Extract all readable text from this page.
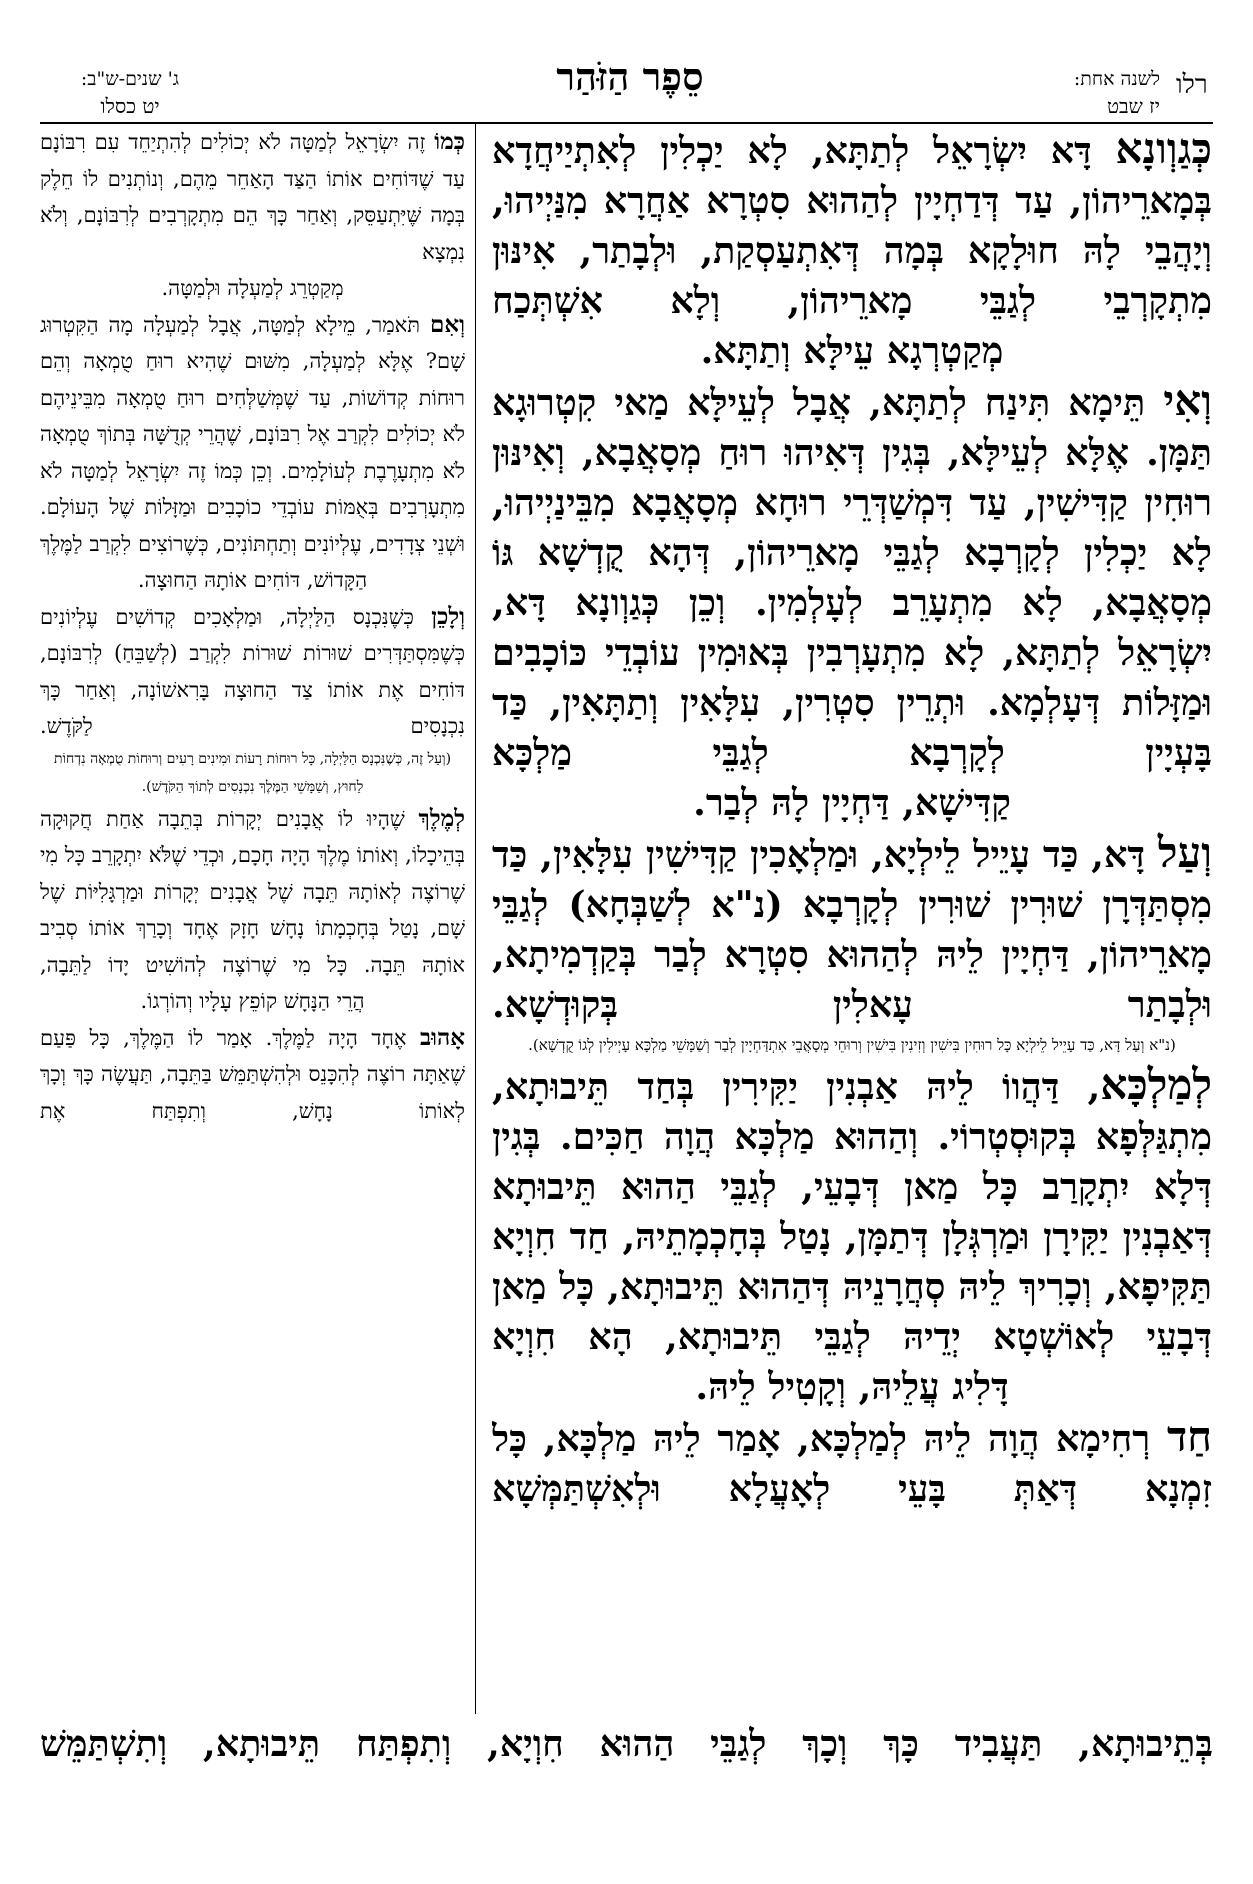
רלו
לשנה אחת:
יז שבט
סֵפֶר הַזֹּהַר
ג' שנים-ש"ב:
יט כסלו

כְּגַוְונָא דָּא יִשְׂרָאֵל לְתַתָּא, לָא יַכְלִין לְאִתְיַיחֲדָא בְּמָארֵיהוֹן, עַד דְּדַחְיָין לְהַהוּא סִטְרָא אַחֲרָא מִנַּיְיהוּ, וְיָהֲבֵי לָהּ חוּלָקָא בְּמָה דְּאִתְעַסְקַת, וּלְבָתַר, אִינּוּן מִתְקָרְבֵי לְגַבֵּי מָארֵיהוֹן, וְלָא אִשְׁתְּכַח

מְקַטְרְגָא עֵילָּא וְתַתָּא.

וְאִי תֵּימָא תִּינַח לְתַתָּא, אֲבָל לְעֵילָּא מַאי קִטְרוּגָא תַּמָּן. אֶלָּא לְעֵילָּא, בְּגִין דְּאִיהוּ רוּחַ מְסָאֲבָא, וְאִינּוּן רוּחִין קַדִּישִׁין, עַד דִּמְשַׁדְּרֵי רוּחָא מְסָאֲבָא מִבֵּינַיְיהוּ, לָא יַכְלִין לְקָרְבָא לְגַבֵּי מָארֵיהוֹן, דְּהָא קֻדְשָׁא גּוֹ מְסָאֲבָא, לָא מִתְעָרֵב לְעָלְמִין. וְכֵן כְּגַוְונָא דָּא, יִשְׂרָאֵל לְתַתָּא, לָא מִתְעָרְבִין בְּאוּמִין עוֹבְדֵי כּוֹכָבִים וּמַזָּלוֹת דְּעָלְמָא. וּתְרֵין סִטְרִין, עִלָּאִין וְתַתָּאִין, כַּד בָּעְיָין לְקָרְבָא לְגַבֵּי מַלְכָּא

קַדִּישָׁא, דַּחְיָין לָהּ לְבַר.

וְעַל דָּא, כַּד עָיֵיל לֵילְיָא, וּמַלְאָכִין קַדִּישִׁין עִלָּאִין, כַּד מִסְתַּדְּרָן שׁוּרִין שׁוּרִין לְקָרְבָא (נ"א לְשַׁבְּחָא) לְגַבֵּי מָארֵיהוֹן, דַּחְיָין לֵיהּ לְהַהוּא סִטְרָא לְבַר בְּקַדְמִיתָא, וּלְבָתַר עָאלִין בְּקוּדְשָׁא.

(נ"א וְעַל דָּא, כַּד עָיֵיל לֵילְיָא כָּל רוּחִין בִּישִׁין וְזִינִין בִּישִׁין וְרוּחֵי מְסָאֲבֵי אִתְדַּחְיָין לְבַר וְשַׁמָּשֵׁי מַלְכָּא עָיְילִין לְגוֹ קֻדְשָׁא).

לְמַלְכָּא, דַּהֲווֹ לֵיהּ אַבְנִין יַקִּירִין בְּחַד תֵּיבוּתָא, מִתְגַּלְּפָא בְּקוּסְטְרוֹי. וְהַהוּא מַלְכָּא הֲוָה חַכִּים. בְּגִין דְּלָא יִתְקָרַב כָּל מַאן דְּבָעֵי, לְגַבֵּי הַהוּא תֵּיבוּתָא דְּאַבְנִין יַקִּירָן וּמַרְגְּלָן דְּתַמָּן, נָטַל בְּחָכְמָתֵיהּ, חַד חִוְיָא תַּקִּיפָא, וְכָרִיךְ לֵיהּ סְחֲרָנֵיהּ דְּהַהוּא תֵּיבוּתָא, כָּל מַאן דְּבָעֵי לְאוֹשְׁטָא יְדֵיהּ לְגַבֵּי תֵּיבוּתָא, הָא חִוְיָא

דָּלִיג עֲלֵיהּ, וְקָטִיל לֵיהּ.

חַד רְחִימָא הֲוָה לֵיהּ לְמַלְכָּא, אָמַר לֵיהּ מַלְכָּא, כָּל זִמְנָא דְּאַתְּ בָּעֵי לְאָעֲלָא וּלְאִשְׁתַּמְּשָׁא

כְּמוֹ זֶה יִשְׂרָאֵל לְמַטָּה לֹא יְכוֹלִים לְהִתְיַחֵד עִם רִבּוֹנָם עַד שֶׁדּוֹחִים אוֹתוֹ הַצַּד הָאַחֵר מֵהֶם, וְנוֹתְנִים לוֹ חֵלֶק בְּמָה שֶּׁיִּתְעַסֵּק, וְאַחַר כָּךְ הֵם מִתְקָרְבִים לְרִבּוֹנָם, וְלֹא נִמְצָא

מְקַטְרֵג לְמַעְלָה וּלְמַטָּה.

וְאִם תֹּאמַר, מֵילָא לְמַטָּה, אֲבָל לְמַעְלָה מָה הַקִּטְרוּג שָׁם? אֶלָּא לְמַעְלָה, מִשּׁוּם שֶׁהִיא רוּחַ טֻמְאָה וְהֵם רוּחוֹת קְדוֹשׁוֹת, עַד שֶׁמְּשַׁלְּחִים רוּחַ טֻמְאָה מִבֵּינֵיהֶם לֹא יְכוֹלִים לִקְרַב אֶל רִבּוֹנָם, שֶׁהֲרֵי קְדֻשָּׁה בְּתוֹךְ טֻמְאָה לֹא מִתְעָרֶבֶת לְעוֹלָמִים. וְכֵן כְּמוֹ זֶה יִשְׂרָאֵל לְמַטָּה לֹא מִתְעָרְבִים בְּאֻמּוֹת עוֹבְדֵי כוֹכָבִים וּמַזָּלוֹת שֶׁל הָעוֹלָם. וּשְׁנֵי צְדָדִים, עֶלְיוֹנִים וְתַחְתּוֹנִים, כְּשֶׁרוֹצִים לִקְרַב לַמֶּלֶךְ

הַקָּדוֹשׁ, דּוֹחִים אוֹתָהּ הַחוּצָה.

וְלָכֵן כְּשֶׁנִּכְנָס הַלַּיְלָה, וּמַלְאָכִים קְדוֹשִׁים עֶלְיוֹנִים כְּשֶׁמִּסְתַּדְּרִים שׁוּרוֹת שׁוּרוֹת לִקְרַב (לְשַׁבֵּחַ) לְרִבּוֹנָם, דּוֹחִים אֶת אוֹתוֹ צַד הַחוּצָה בָּרִאשׁוֹנָה, וְאַחַר כָּךְ נִכְנָסִים לַקֹּדֶשׁ.

(וְעַל זֶה, כְּשֶׁנִּכְנָס הַלַּיְלָה, כָּל רוּחוֹת רָעוֹת וּמִינִים רָעִים וְרוּחוֹת טֻמְאָה נִדְחוֹת לַחוּץ, וְשַׁמָּשֵׁי הַמֶּלֶךְ נִכְנָסִים לְתוֹךְ הַקֹּדֶשׁ).

לְמֶלֶךְ שֶׁהָיוּ לוֹ אֲבָנִים יְקָרוֹת בְּתֵבָה אַחַת חֲקוּקָה בְּהֵיכָלוֹ, וְאוֹתוֹ מֶלֶךְ הָיָה חָכָם, וּכְדֵי שֶׁלֹּא יִתְקָרֵב כָּל מִי שֶׁרוֹצֶה לְאוֹתָהּ תֵּבָה שֶׁל אֲבָנִים יְקָרוֹת וּמַרְגָּלִיּוֹת שֶׁל שָׁם, נָטַל בְּחָכְמָתוֹ נָחָשׁ חָזָק אֶחָד וְכָרַךְ אוֹתוֹ סְבִיב אוֹתָהּ תֵּבָה. כָּל מִי שֶׁרוֹצֶה לְהוֹשִׁיט יָדוֹ לַתֵּבָה,

הֲרֵי הַנָּחָשׁ קוֹפֵץ עָלָיו וְהוֹרְגוֹ.

אָהוּב אֶחָד הָיָה לַמֶּלֶךְ. אָמַר לוֹ הַמֶּלֶךְ, כָּל פַּעַם שֶׁאַתָּה רוֹצֶה לְהִכָּנֵס וּלְהִשְׁתַּמֵּשׁ בַּתֵּבָה, תַּעֲשֶׂה כָּךְ וְכָךְ לְאוֹתוֹ נָחָשׁ, וְתִפְתַּח אֶת

בְּתֵיבוּתָא, תַּעֲבִיד כָּךְ וְכָךְ לְגַבֵּי הַהוּא חִוְיָא, וְתִפְתַּח תֵּיבוּתָא, וְתִשְׁתַּמֵּשׁ
